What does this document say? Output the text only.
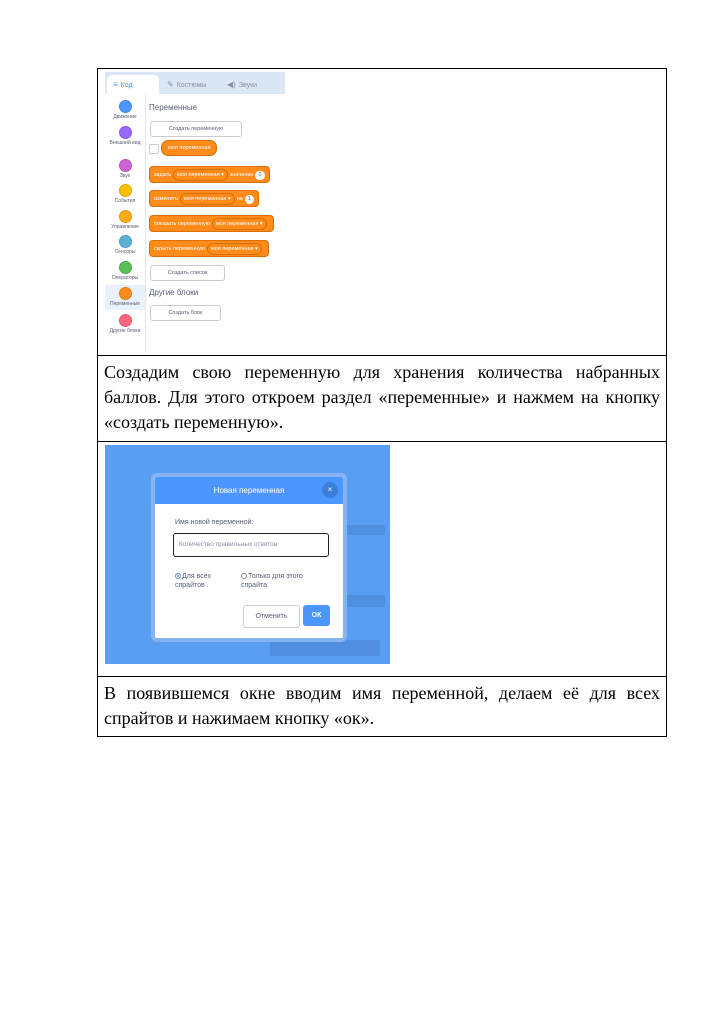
≡ Код	✎ Костюмы	◀) Звуки
Движение
Внешний вид
Звук
События
Управление
Сенсоры
Операторы
Переменные
Другие блоки
Переменные
Создать переменную
моя переменная
задать моя переменная ▾ значение 0
изменить моя переменная ▾ на 1
показать переменную моя переменная ▾
скрыть переменную моя переменная ▾
Создать список
Другие блоки
Создать блок

Создадим свою переменную для хранения количества набранных баллов. Для этого откроем раздел «переменные» и нажмем на кнопку «создать переменную».

Новая переменная	×
Имя новой переменной:
Количество правильных ответов
Для всех спрайтов
Только для этого спрайта
Отменить	ОК

В появившемся окне вводим имя переменной, делаем её для всех спрайтов и нажимаем кнопку «ок».
